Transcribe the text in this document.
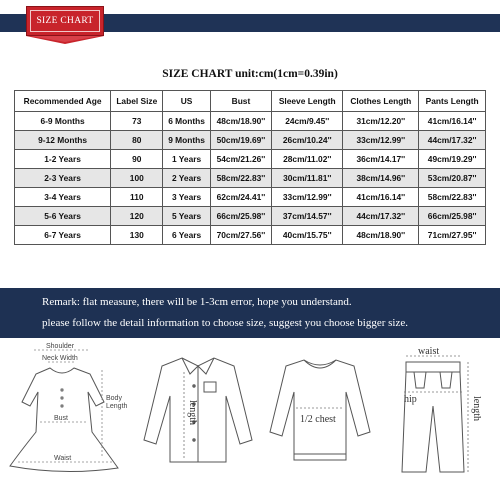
SIZE CHART
SIZE CHART unit:cm(1cm=0.39in)
Recommended Age	Label Size	US	Bust	Sleeve Length	Clothes Length	Pants Length
6-9 Months	73	6 Months	48cm/18.90''	24cm/9.45''	31cm/12.20''	41cm/16.14''
9-12 Months	80	9 Months	50cm/19.69''	26cm/10.24''	33cm/12.99''	44cm/17.32''
1-2 Years	90	1 Years	54cm/21.26''	28cm/11.02''	36cm/14.17''	49cm/19.29''
2-3 Years	100	2 Years	58cm/22.83''	30cm/11.81''	38cm/14.96''	53cm/20.87''
3-4 Years	110	3 Years	62cm/24.41''	33cm/12.99''	41cm/16.14''	58cm/22.83''
5-6 Years	120	5 Years	66cm/25.98''	37cm/14.57''	44cm/17.32''	66cm/25.98''
6-7 Years	130	6 Years	70cm/27.56''	40cm/15.75''	48cm/18.90''	71cm/27.95''
Remark: flat measure, there will be 1-3cm error, hope you understand.
please follow the detail information to choose size, suggest you choose bigger size.
Shoulder
Neck Width
Bust
Waist
Body
Length	length	1/2 chest
waist
hip	length
